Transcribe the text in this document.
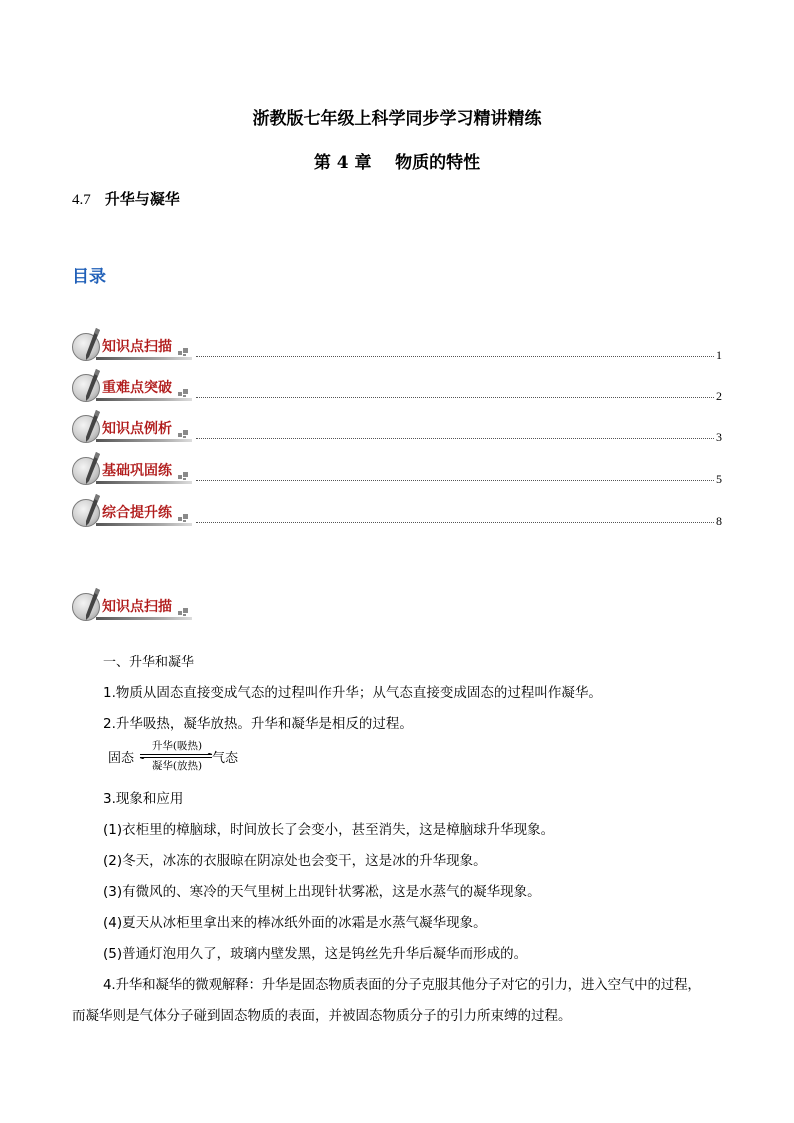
浙教版七年级上科学同步学习精讲精练
第 4 章    物质的特性
4.7 升华与凝华
目录
知识点扫描	1
重难点突破	2
知识点例析	3
基础巩固练	5
综合提升练	8
知识点扫描
一、升华和凝华
1.物质从固态直接变成气态的过程叫作升华；从气态直接变成固态的过程叫作凝华。
2.升华吸热，凝华放热。升华和凝华是相反的过程。
固态
升华(吸热)
凝华(放热) 气态
3.现象和应用
(1)衣柜里的樟脑球，时间放长了会变小，甚至消失，这是樟脑球升华现象。
(2)冬天，冰冻的衣服晾在阴凉处也会变干，这是冰的升华现象。
(3)有微风的、寒冷的天气里树上出现针状雾凇，这是水蒸气的凝华现象。
(4)夏天从冰柜里拿出来的棒冰纸外面的冰霜是水蒸气凝华现象。
(5)普通灯泡用久了，玻璃内壁发黑，这是钨丝先升华后凝华而形成的。
4.升华和凝华的微观解释：升华是固态物质表面的分子克服其他分子对它的引力，进入空气中的过程，
而凝华则是气体分子碰到固态物质的表面，并被固态物质分子的引力所束缚的过程。
